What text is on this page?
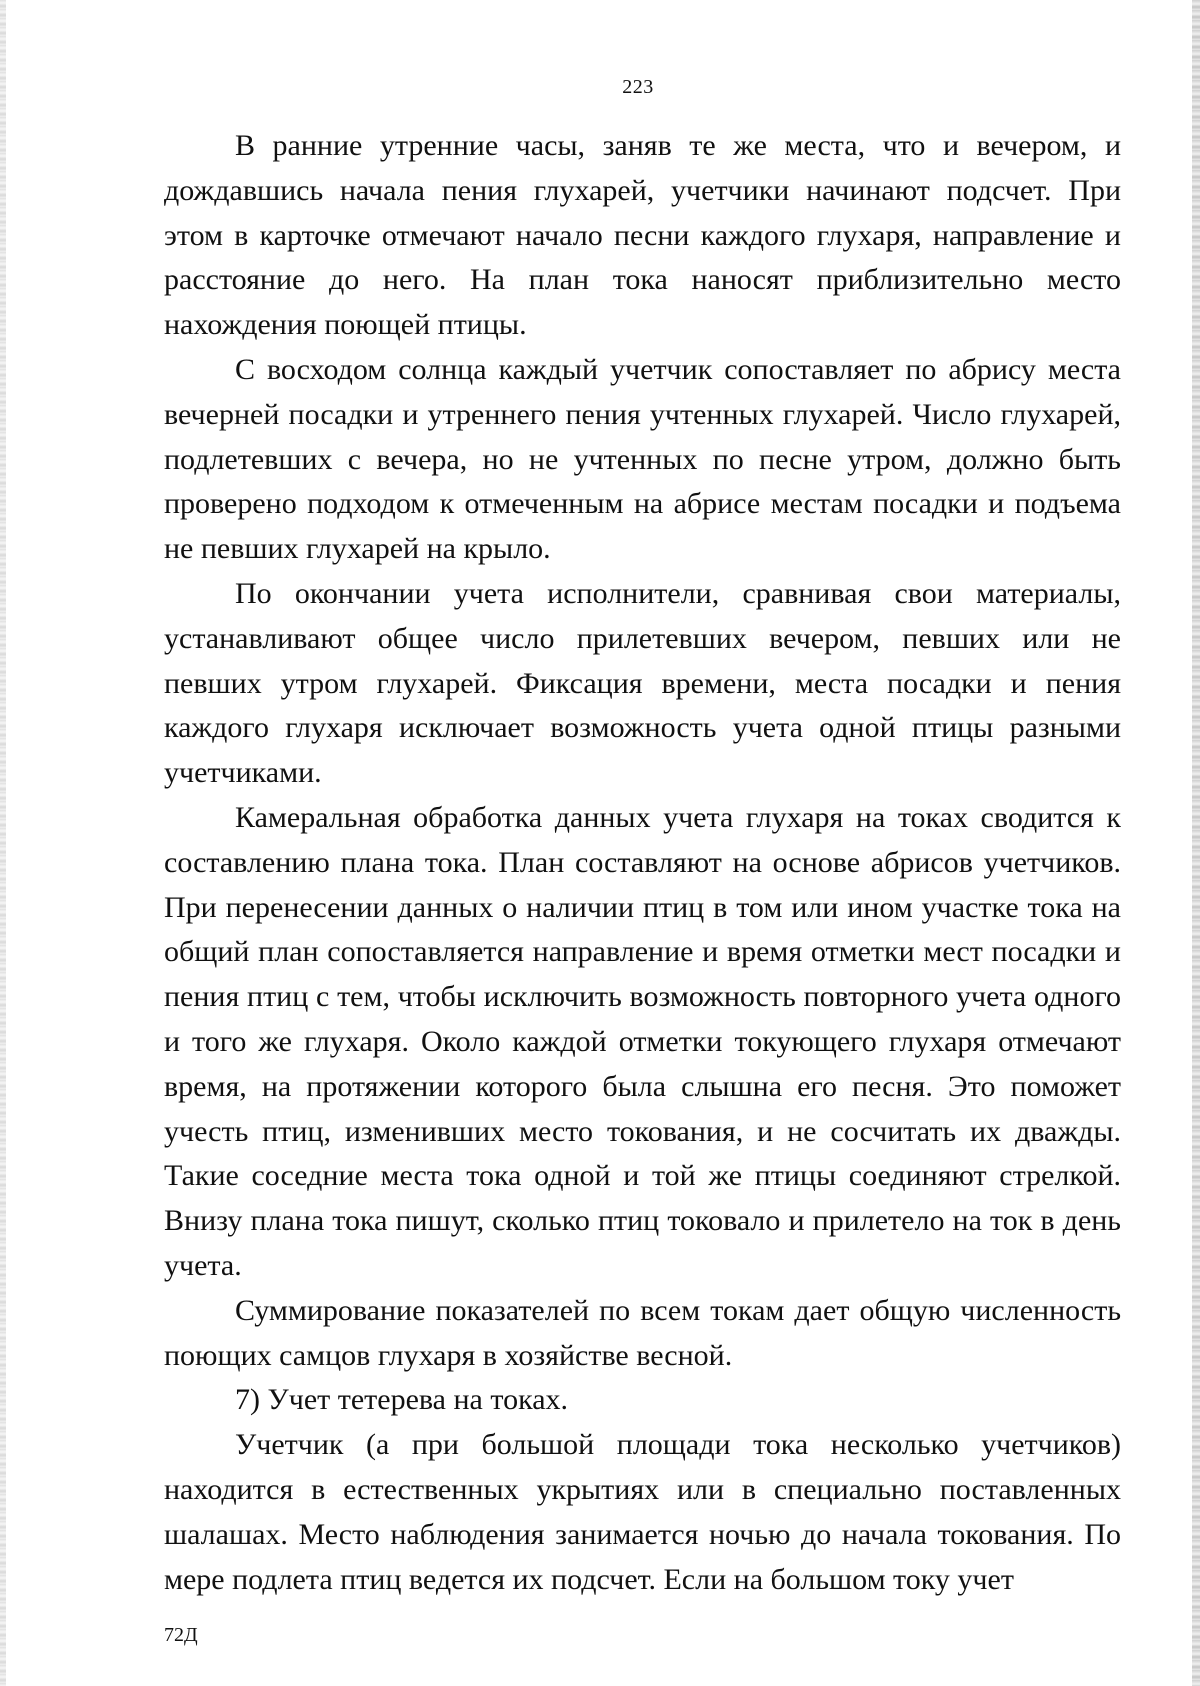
223

В ранние утренние часы, заняв те же места, что и вечером, и дождавшись начала пения глухарей, учетчики начинают подсчет. При этом в карточке отмечают начало песни каждого глухаря, направление и расстояние до него. На план тока наносят приблизительно место нахождения поющей птицы.

С восходом солнца каждый учетчик сопоставляет по абрису места вечерней посадки и утреннего пения учтенных глухарей. Число глухарей, подлетевших с вечера, но не учтенных по песне утром, должно быть проверено подходом к отмеченным на абрисе местам посадки и подъема не певших глухарей на крыло.

По окончании учета исполнители, сравнивая свои материалы, устанавливают общее число прилетевших вечером, певших или не певших утром глухарей. Фиксация времени, места посадки и пения каждого глухаря исключает возможность учета одной птицы разными учетчиками.

Камеральная обработка данных учета глухаря на токах сводится к составлению плана тока. План составляют на основе абрисов учетчиков. При перенесении данных о наличии птиц в том или ином участке тока на общий план сопоставляется направление и время отметки мест посадки и пения птиц с тем, чтобы исключить возможность повторного учета одного и того же глухаря. Около каждой отметки токующего глухаря отмечают время, на протяжении которого была слышна его песня. Это поможет учесть птиц, изменивших место токования, и не сосчитать их дважды. Такие соседние места тока одной и той же птицы соединяют стрелкой. Внизу плана тока пишут, сколько птиц токовало и прилетело на ток в день учета.

Суммирование показателей по всем токам дает общую численность поющих самцов глухаря в хозяйстве весной.

7) Учет тетерева на токах.

Учетчик (а при большой площади тока несколько учетчиков) находится в естественных укрытиях или в специально поставленных шалашах. Место наблюдения занимается ночью до начала токования. По мере подлета птиц ведется их подсчет. Если на большом току учет

72Д
